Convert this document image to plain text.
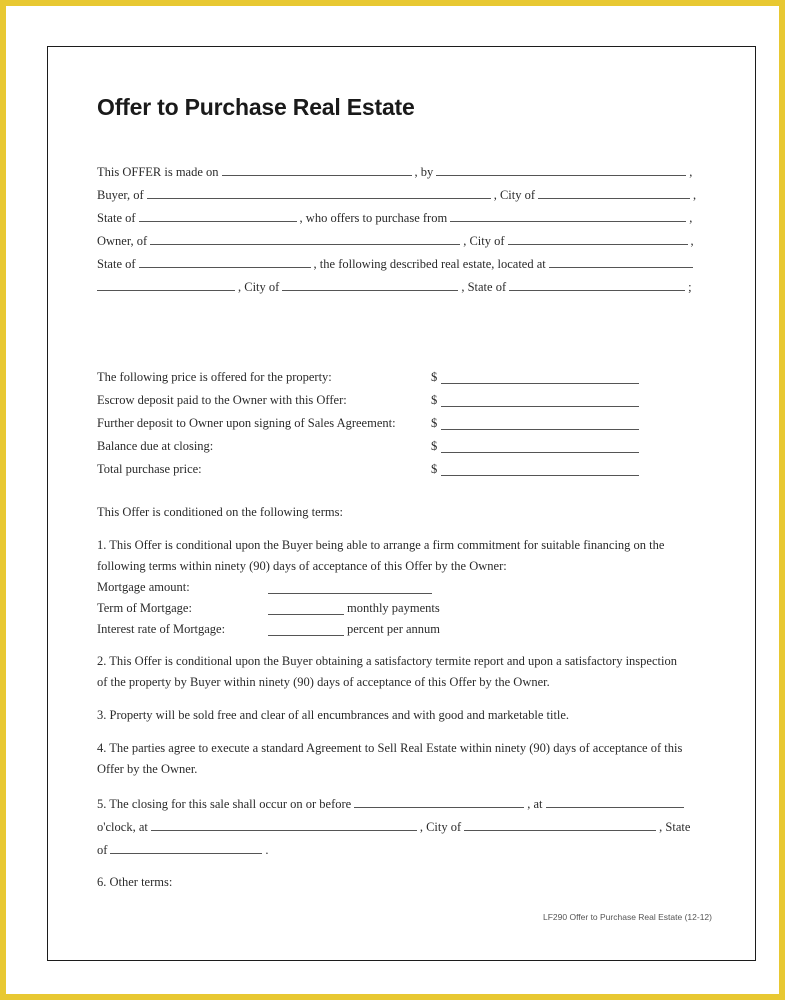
Offer to Purchase Real Estate
This OFFER is made on	, by	,
Buyer, of	, City of	,
State of	, who offers to purchase from	,
Owner, of	, City of	,
State of	, the following described real estate, located at
, City of	, State of	;
The following price is offered for the property:	$
Escrow deposit paid to the Owner with this Offer:	$
Further deposit to Owner upon signing of Sales Agreement:	$
Balance due at closing:	$
Total purchase price:	$
This Offer is conditioned on the following terms:
1. This Offer is conditional upon the Buyer being able to arrange a firm commitment for suitable financing on the
following terms within ninety (90) days of acceptance of this Offer by the Owner:
Mortgage amount:
Term of Mortgage:	monthly payments
Interest rate of Mortgage:	percent per annum
2. This Offer is conditional upon the Buyer obtaining a satisfactory termite report and upon a satisfactory inspection
of the property by Buyer within ninety (90) days of acceptance of this Offer by the Owner.
3. Property will be sold free and clear of all encumbrances and with good and marketable title.
4. The parties agree to execute a standard Agreement to Sell Real Estate within ninety (90) days of acceptance of this
Offer by the Owner.
5. The closing for this sale shall occur on or before	, at
o'clock, at	, City of	, State
of	.
6. Other terms:
LF290 Offer to Purchase Real Estate (12-12)
